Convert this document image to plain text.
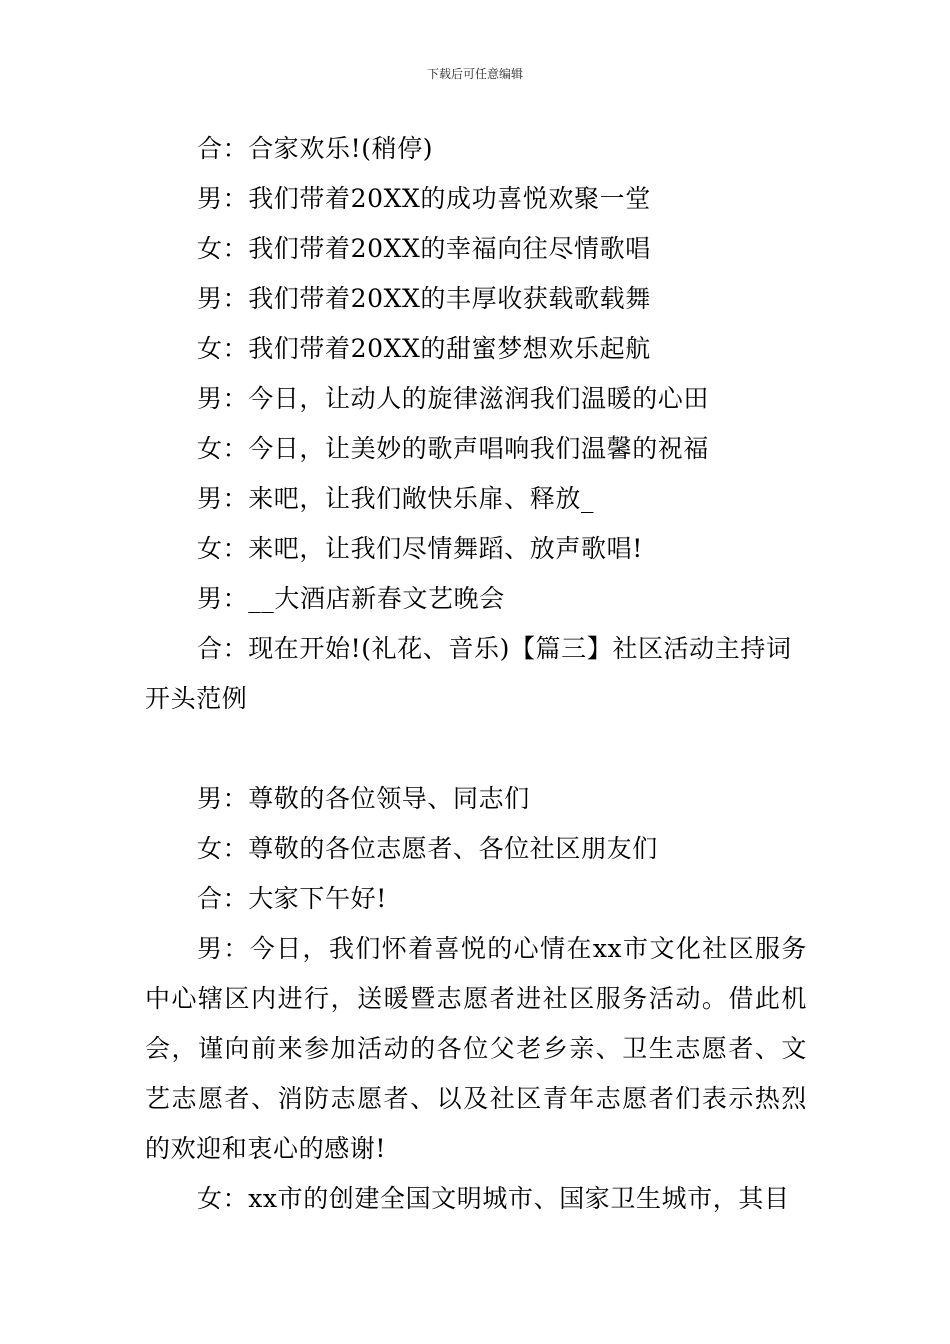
下载后可任意编辑
合：合家欢乐!(稍停)
男：我们带着20XX的成功喜悦欢聚一堂
女：我们带着20XX的幸福向往尽情歌唱
男：我们带着20XX的丰厚收获载歌载舞
女：我们带着20XX的甜蜜梦想欢乐起航
男：今日，让动人的旋律滋润我们温暖的心田
女：今日，让美妙的歌声唱响我们温馨的祝福
男：来吧，让我们敞快乐扉、释放_
女：来吧，让我们尽情舞蹈、放声歌唱!
男：__大酒店新春文艺晚会
合：现在开始!(礼花、音乐)【篇三】社区活动主持词
开头范例
男：尊敬的各位领导、同志们
女：尊敬的各位志愿者、各位社区朋友们
合：大家下午好!
男：今日，我们怀着喜悦的心情在xx市文化社区服务中心辖区内进行，送暖暨志愿者进社区服务活动。借此机会，谨向前来参加活动的各位父老乡亲、卫生志愿者、文艺志愿者、消防志愿者、以及社区青年志愿者们表示热烈的欢迎和衷心的感谢!
女：xx市的创建全国文明城市、国家卫生城市，其目
